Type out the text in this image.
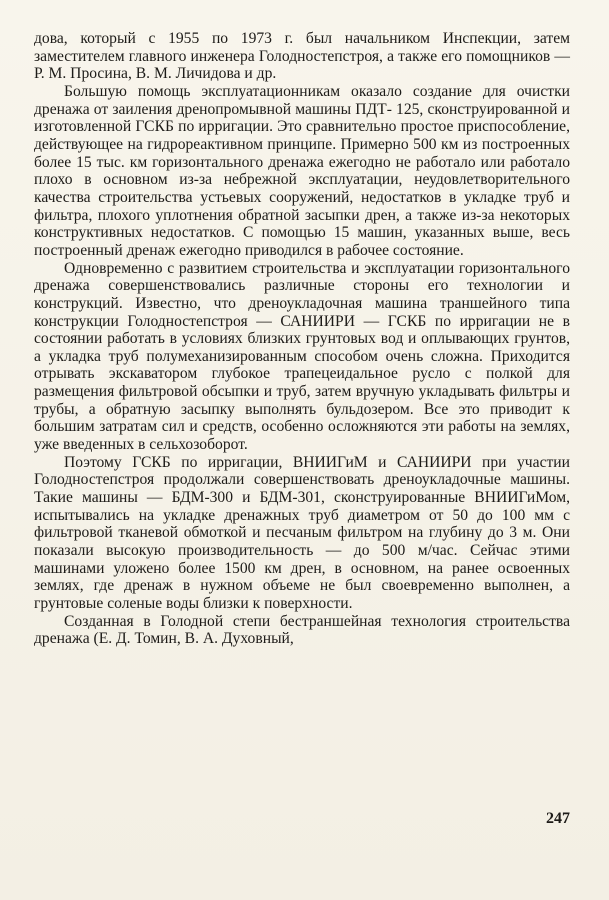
дова, который с 1955 по 1973 г. был начальником Инспекции, затем заместителем главного инженера Голодностепстроя, а также его помощников — Р. М. Просина, В. М. Личидова и др.

Большую помощь эксплуатационникам оказало создание для очистки дренажа от заиления дренопромывной машины ПДТ- 125, сконструированной и изготовленной ГСКБ по ирригации. Это сравнительно простое приспособление, действующее на гидрореактивном принципе. Примерно 500 км из построенных более 15 тыс. км горизонтального дренажа ежегодно не работало или работало плохо в основном из-за небрежной эксплуатации, неудовлетворительного качества строительства устьевых сооружений, недостатков в укладке труб и фильтра, плохого уплотнения обратной засыпки дрен, а также из-за некоторых конструктивных недостатков. С помощью 15 машин, указанных выше, весь построенный дренаж ежегодно приводился в рабочее состояние.

Одновременно с развитием строительства и эксплуатации горизонтального дренажа совершенствовались различные стороны его технологии и конструкций. Известно, что дреноукладочная машина траншейного типа конструкции Голодностепстроя — САНИИРИ — ГСКБ по ирригации не в состоянии работать в условиях близких грунтовых вод и оплывающих грунтов, а укладка труб полумеханизированным способом очень сложна. Приходится отрывать экскаватором глубокое трапецеидальное русло с полкой для размещения фильтровой обсыпки и труб, затем вручную укладывать фильтры и трубы, а обратную засыпку выполнять бульдозером. Все это приводит к большим затратам сил и средств, особенно осложняются эти работы на землях, уже введенных в сельхозоборот.

Поэтому ГСКБ по ирригации, ВНИИГиМ и САНИИРИ при участии Голодностепстроя продолжали совершенствовать дреноукладочные машины. Такие машины — БДМ-300 и БДМ-301, сконструированные ВНИИГиМом, испытывались на укладке дренажных труб диаметром от 50 до 100 мм с фильтровой тканевой обмоткой и песчаным фильтром на глубину до 3 м. Они показали высокую производительность — до 500 м/час. Сейчас этими машинами уложено более 1500 км дрен, в основном, на ранее освоенных землях, где дренаж в нужном объеме не был своевременно выполнен, а грунтовые соленые воды близки к поверхности.

Созданная в Голодной степи бестраншейная технология строительства дренажа (Е. Д. Томин, В. А. Духовный,

247
